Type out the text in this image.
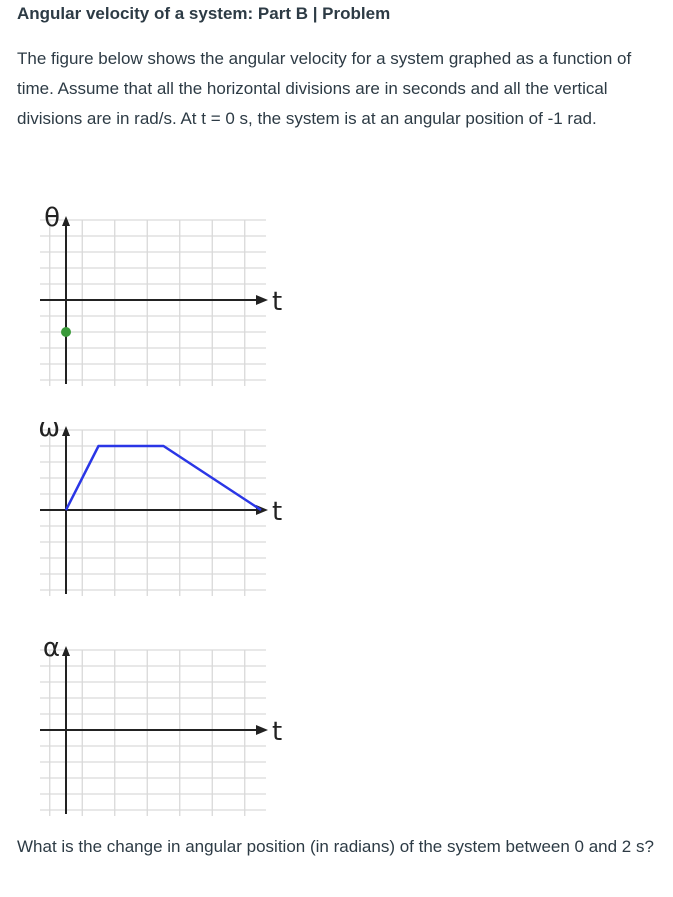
Angular velocity of a system: Part B | Problem
The figure below shows the angular velocity for a system graphed as a function of time. Assume that all the horizontal divisions are in seconds and all the vertical divisions are in rad/s. At t = 0 s, the system is at an angular position of -1 rad.
θ
t
ω
t
α
t
What is the change in angular position (in radians) of the system between 0 and 2 s?
